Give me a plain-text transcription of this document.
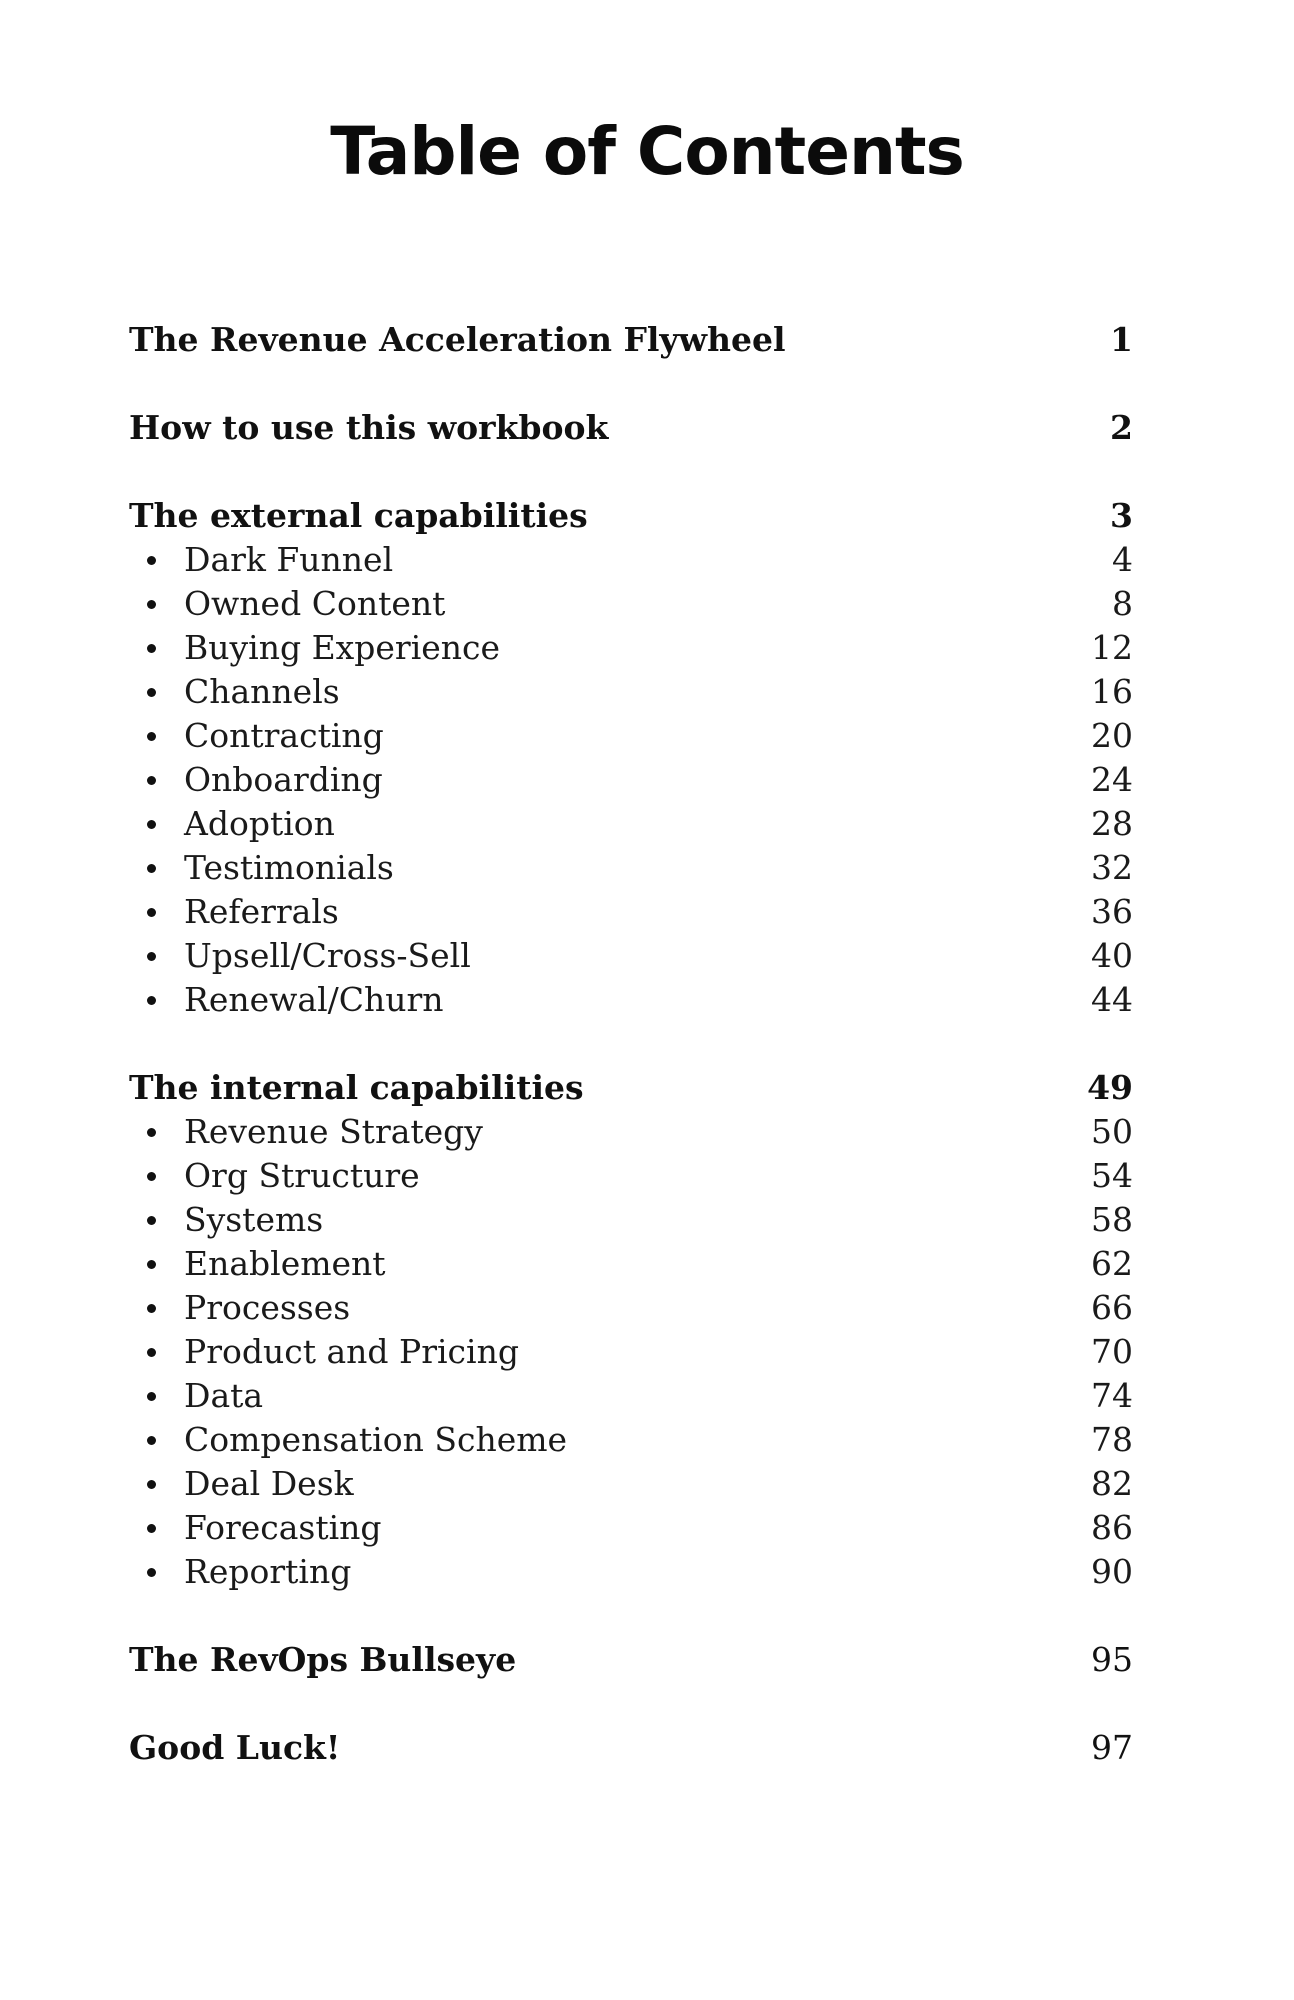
Table of Contents
The Revenue Acceleration Flywheel	1
How to use this workbook	2
The external capabilities	3
Dark Funnel	4
Owned Content	8
Buying Experience	12
Channels	16
Contracting	20
Onboarding	24
Adoption	28
Testimonials	32
Referrals	36
Upsell/Cross-Sell	40
Renewal/Churn	44
The internal capabilities	49
Revenue Strategy	50
Org Structure	54
Systems	58
Enablement	62
Processes	66
Product and Pricing	70
Data	74
Compensation Scheme	78
Deal Desk	82
Forecasting	86
Reporting	90
The RevOps Bullseye	95
Good Luck!	97
